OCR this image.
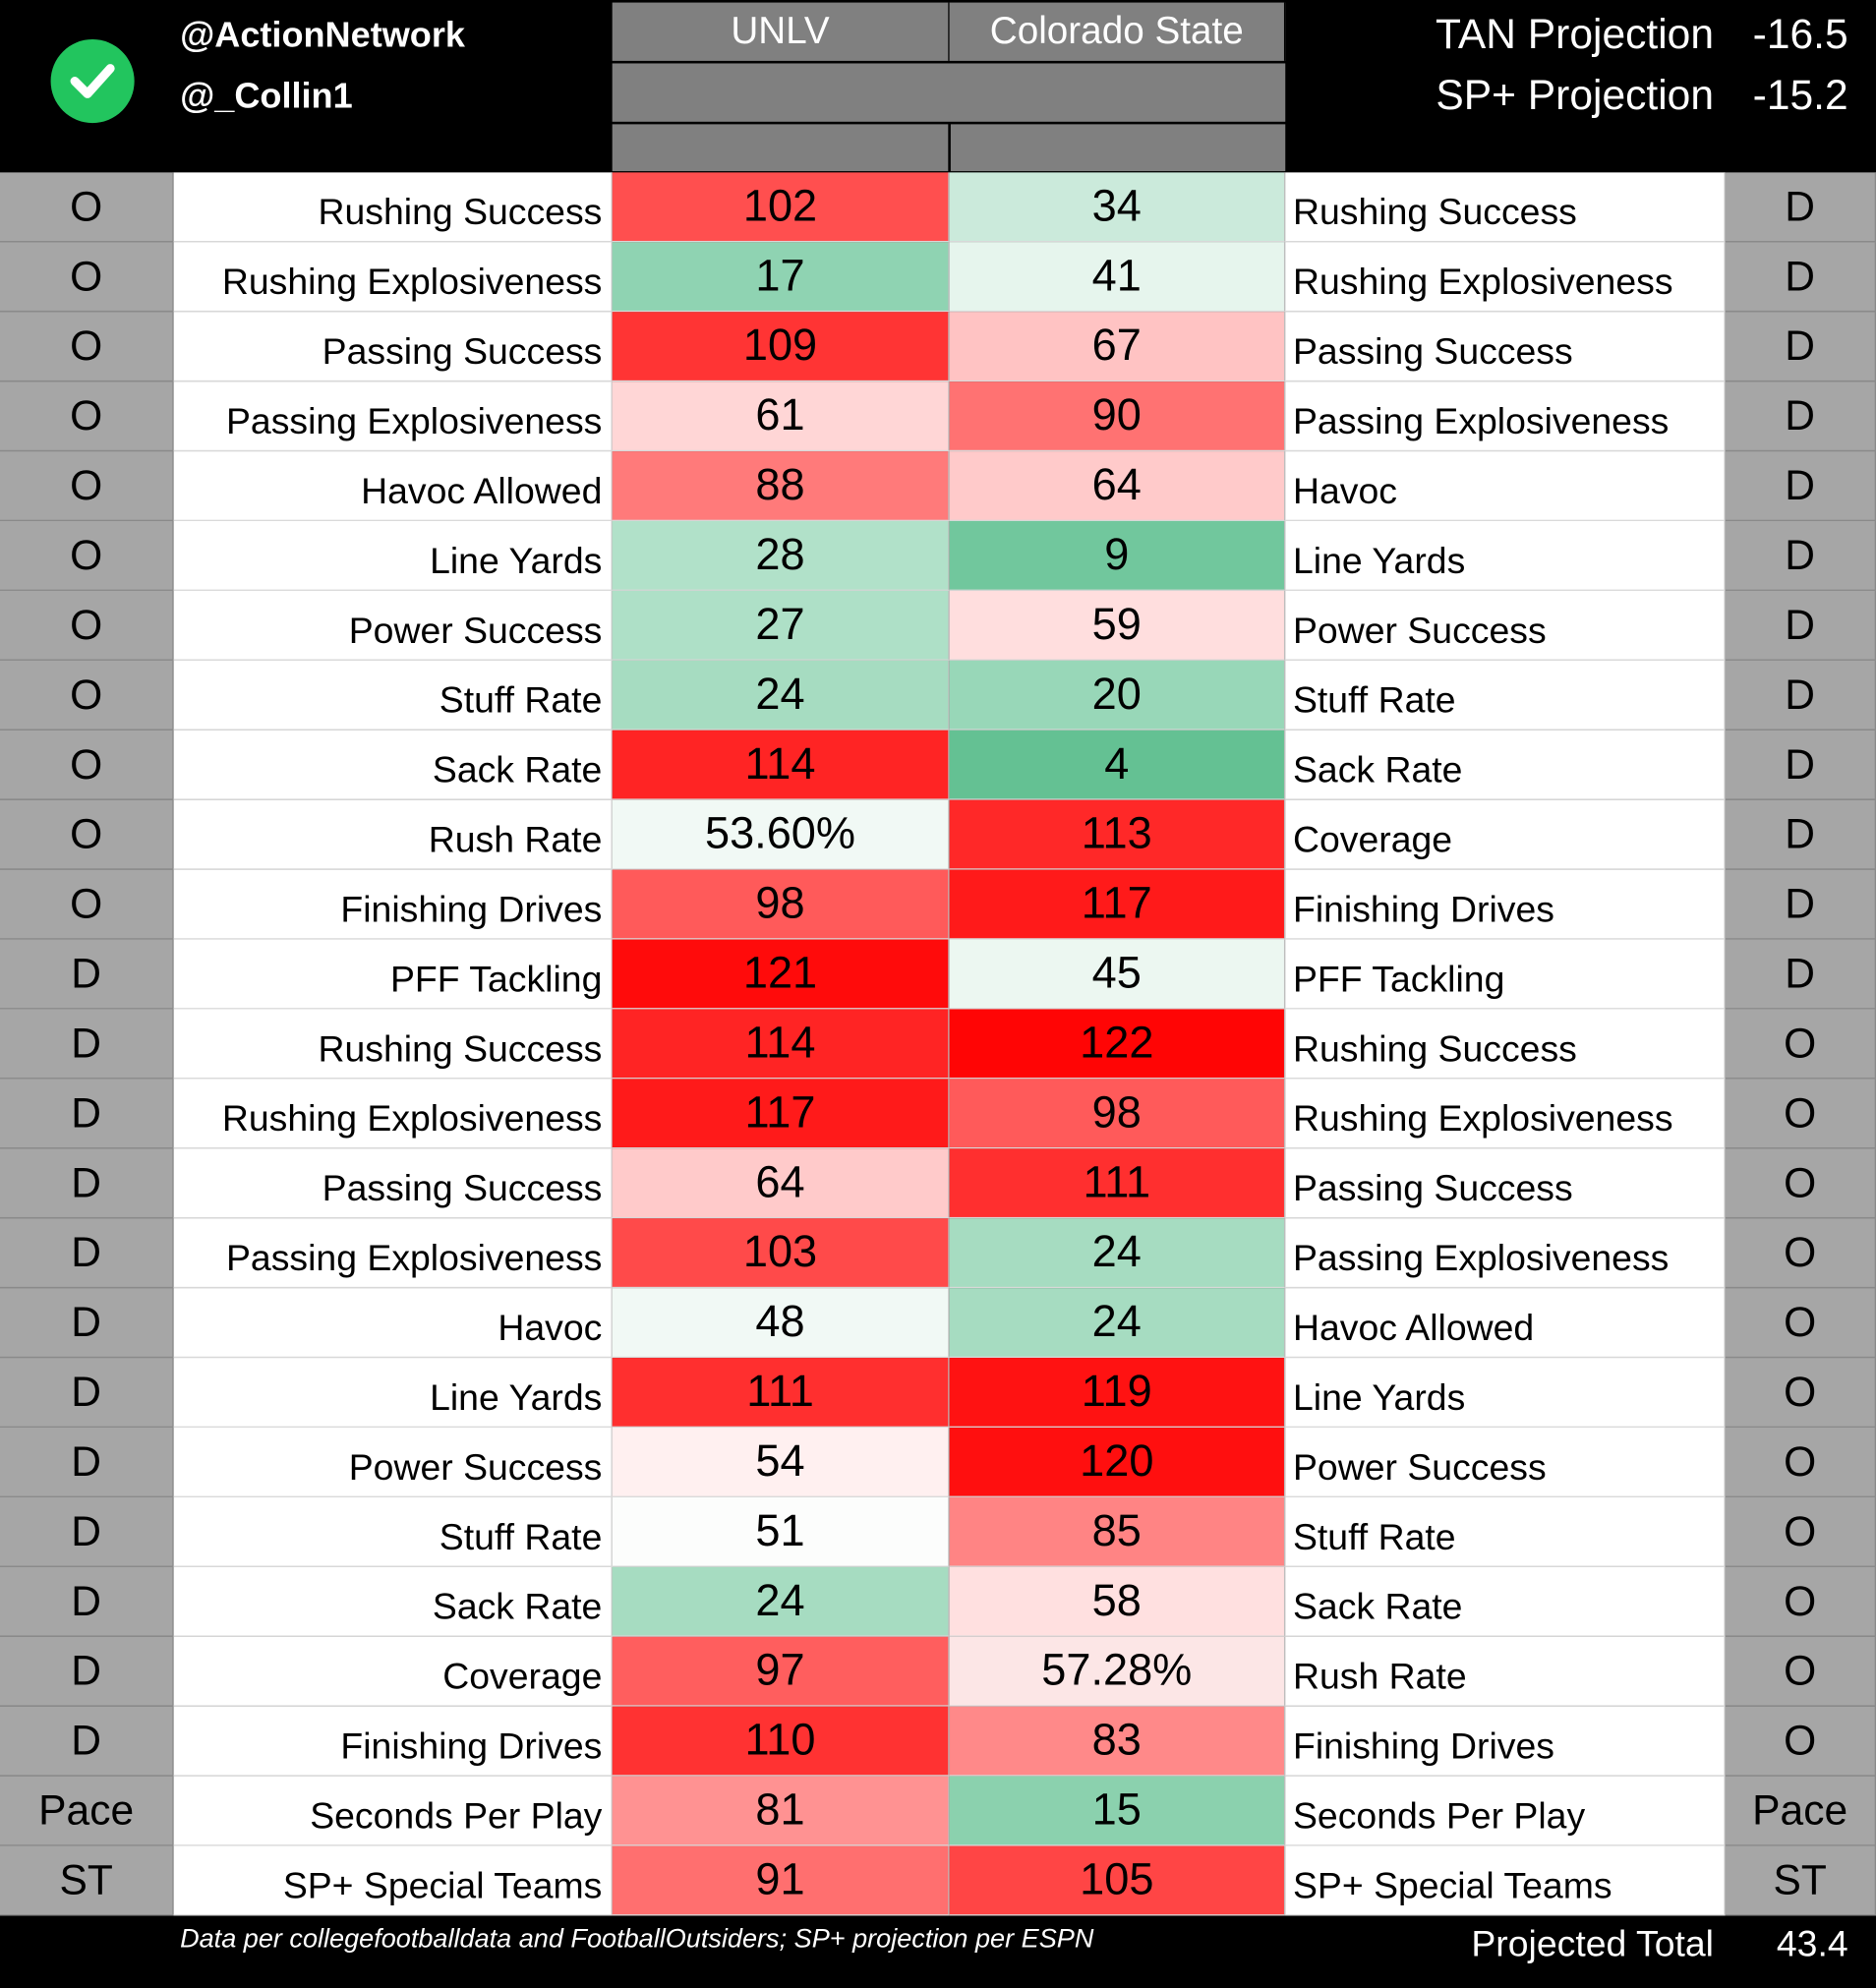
@ActionNetwork
@_Collin1
UNLV	Colorado State	TAN Projection	-16.5
SP+ Projection	-15.2
O	Rushing Success	102	34	Rushing Success	D
O	Rushing Explosiveness	17	41	Rushing Explosiveness	D
O	Passing Success	109	67	Passing Success	D
O	Passing Explosiveness	61	90	Passing Explosiveness	D
O	Havoc Allowed	88	64	Havoc	D
O	Line Yards	28	9	Line Yards	D
O	Power Success	27	59	Power Success	D
O	Stuff Rate	24	20	Stuff Rate	D
O	Sack Rate	114	4	Sack Rate	D
O	Rush Rate	53.60%	113	Coverage	D
O	Finishing Drives	98	117	Finishing Drives	D
D	PFF Tackling	121	45	PFF Tackling	D
D	Rushing Success	114	122	Rushing Success	O
D	Rushing Explosiveness	117	98	Rushing Explosiveness	O
D	Passing Success	64	111	Passing Success	O
D	Passing Explosiveness	103	24	Passing Explosiveness	O
D	Havoc	48	24	Havoc Allowed	O
D	Line Yards	111	119	Line Yards	O
D	Power Success	54	120	Power Success	O
D	Stuff Rate	51	85	Stuff Rate	O
D	Sack Rate	24	58	Sack Rate	O
D	Coverage	97	57.28%	Rush Rate	O
D	Finishing Drives	110	83	Finishing Drives	O
Pace	Seconds Per Play	81	15	Seconds Per Play	Pace
ST	SP+ Special Teams	91	105	SP+ Special Teams	ST
Data per collegefootballdata and FootballOutsiders; SP+ projection per ESPN	Projected Total	43.4
